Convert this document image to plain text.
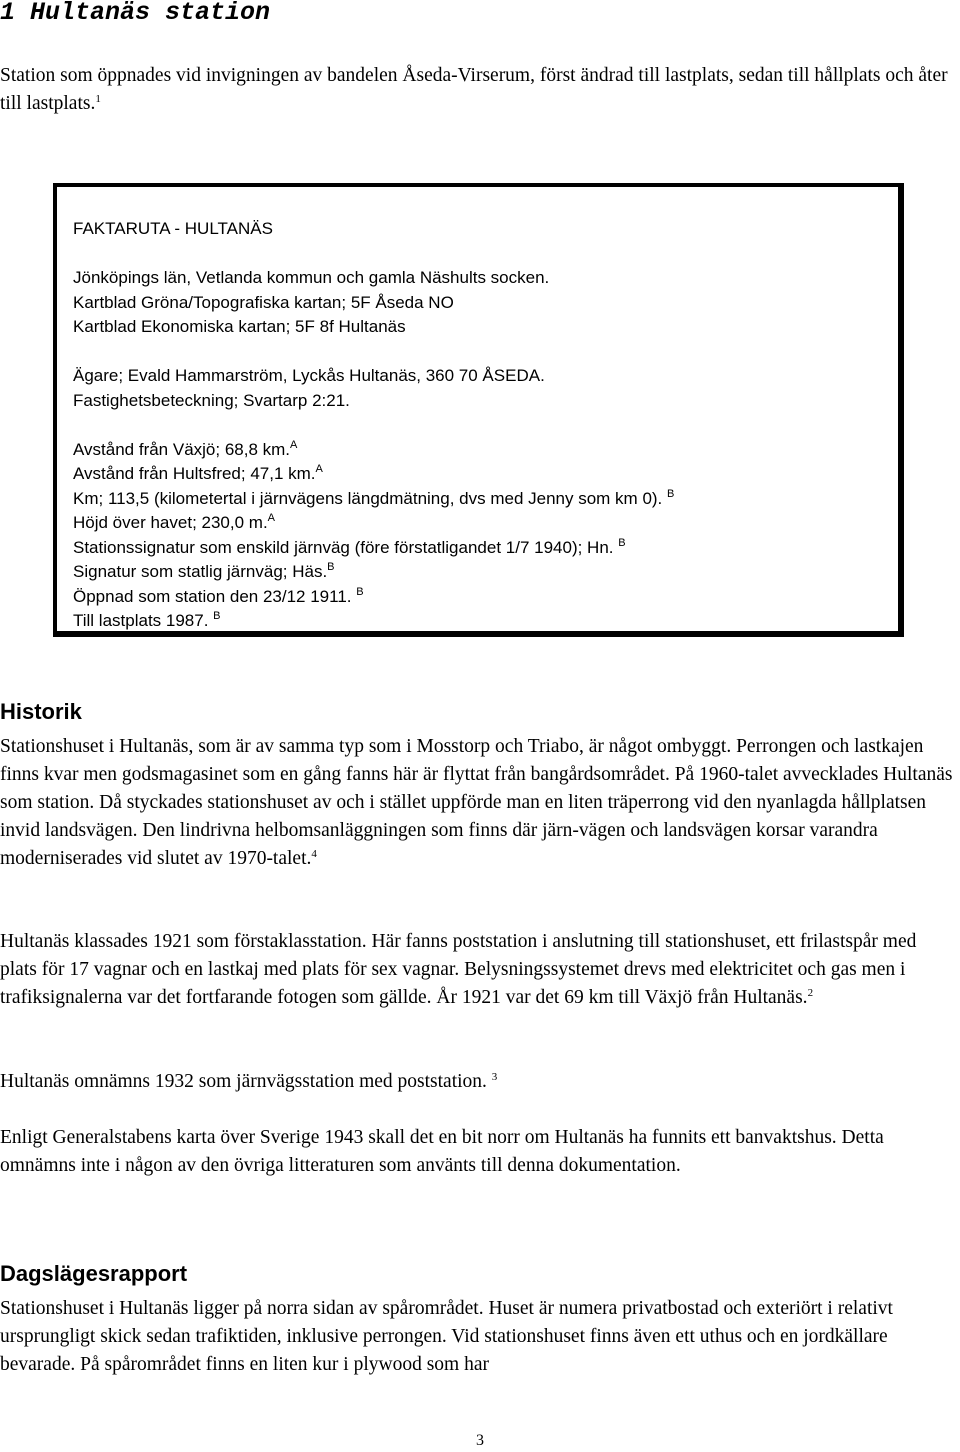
1 Hultanäs station

Station som öppnades vid invigningen av bandelen Åseda-Virserum, först ändrad till lastplats, sedan till hållplats och åter till lastplats.$^1$

FAKTARUTA - HULTANÄS
Jönköpings län, Vetlanda kommun och gamla Näshults socken.
Kartblad Gröna/Topografiska kartan; 5F Åseda NO
Kartblad Ekonomiska kartan; 5F 8f Hultanäs
Ägare; Evald Hammarström, Lyckås Hultanäs, 360 70 ÅSEDA.
Fastighetsbeteckning; Svartarp 2:21.
Avstånd från Växjö; 68,8 km.$^A$
Avstånd från Hultsfred; 47,1 km.$^A$
Km; 113,5 (kilometertal i järnvägens längdmätning, dvs med Jenny som km 0). $^B$
Höjd över havet; 230,0 m.$^A$
Stationssignatur som enskild järnväg (före förstatligandet 1/7 1940); Hn. $^B$
Signatur som statlig järnväg; Häs.$^B$
Öppnad som station den 23/12 1911. $^B$
Till lastplats 1987. $^B$
Historik

Stationshuset i Hultanäs, som är av samma typ som i Mosstorp och Triabo, är något ombyggt. Perrongen och lastkajen finns kvar men godsmagasinet som en gång fanns här är flyttat från bangårdsområdet. På 1960-talet avvecklades Hultanäs som station. Då styckades stationshuset av och i stället uppförde man en liten träperrong vid den nyanlagda hållplatsen invid landsvägen. Den lindrivna helbomsanläggningen som finns där järn-vägen och landsvägen korsar varandra moderniserades vid slutet av 1970-talet.$^4$

Hultanäs klassades 1921 som förstaklasstation. Här fanns poststation i anslutning till stationshuset, ett frilastspår med plats för 17 vagnar och en lastkaj med plats för sex vagnar. Belysningssystemet drevs med elektricitet och gas men i trafiksignalerna var det fortfarande fotogen som gällde. År 1921 var det 69 km till Växjö från Hultanäs.$^2$

Hultanäs omnämns 1932 som järnvägsstation med poststation. $^3$

Enligt Generalstabens karta över Sverige 1943 skall det en bit norr om Hultanäs ha funnits ett banvaktshus. Detta omnämns inte i någon av den övriga litteraturen som använts till denna dokumentation.

Dagslägesrapport

Stationshuset i Hultanäs ligger på norra sidan av spårområdet. Huset är numera privatbostad och exteriört i relativt ursprungligt skick sedan trafiktiden, inklusive perrongen. Vid stationshuset finns även ett uthus och en jordkällare bevarade. På spårområdet finns en liten kur i plywood som har

3
